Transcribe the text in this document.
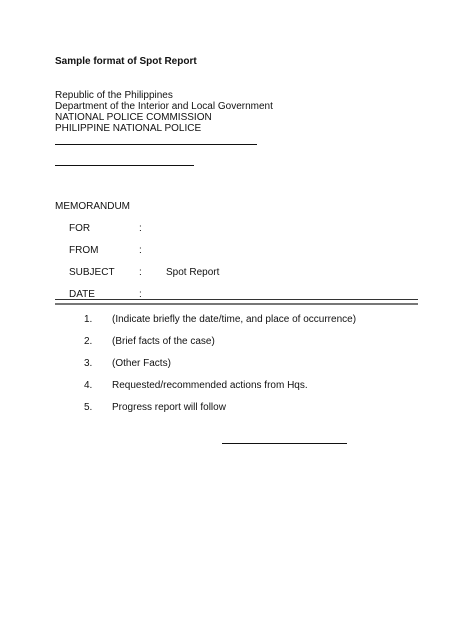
Sample format of Spot Report
Republic of the Philippines
Department of the Interior and Local Government
NATIONAL POLICE COMMISSION
PHILIPPINE NATIONAL POLICE
MEMORANDUM
FOR	:
FROM	:
SUBJECT : Spot Report
DATE	:
1. (Indicate briefly the date/time, and place of occurrence)
2. (Brief facts of the case)
3. (Other Facts)
4. Requested/recommended actions from Hqs.
5. Progress report will follow
